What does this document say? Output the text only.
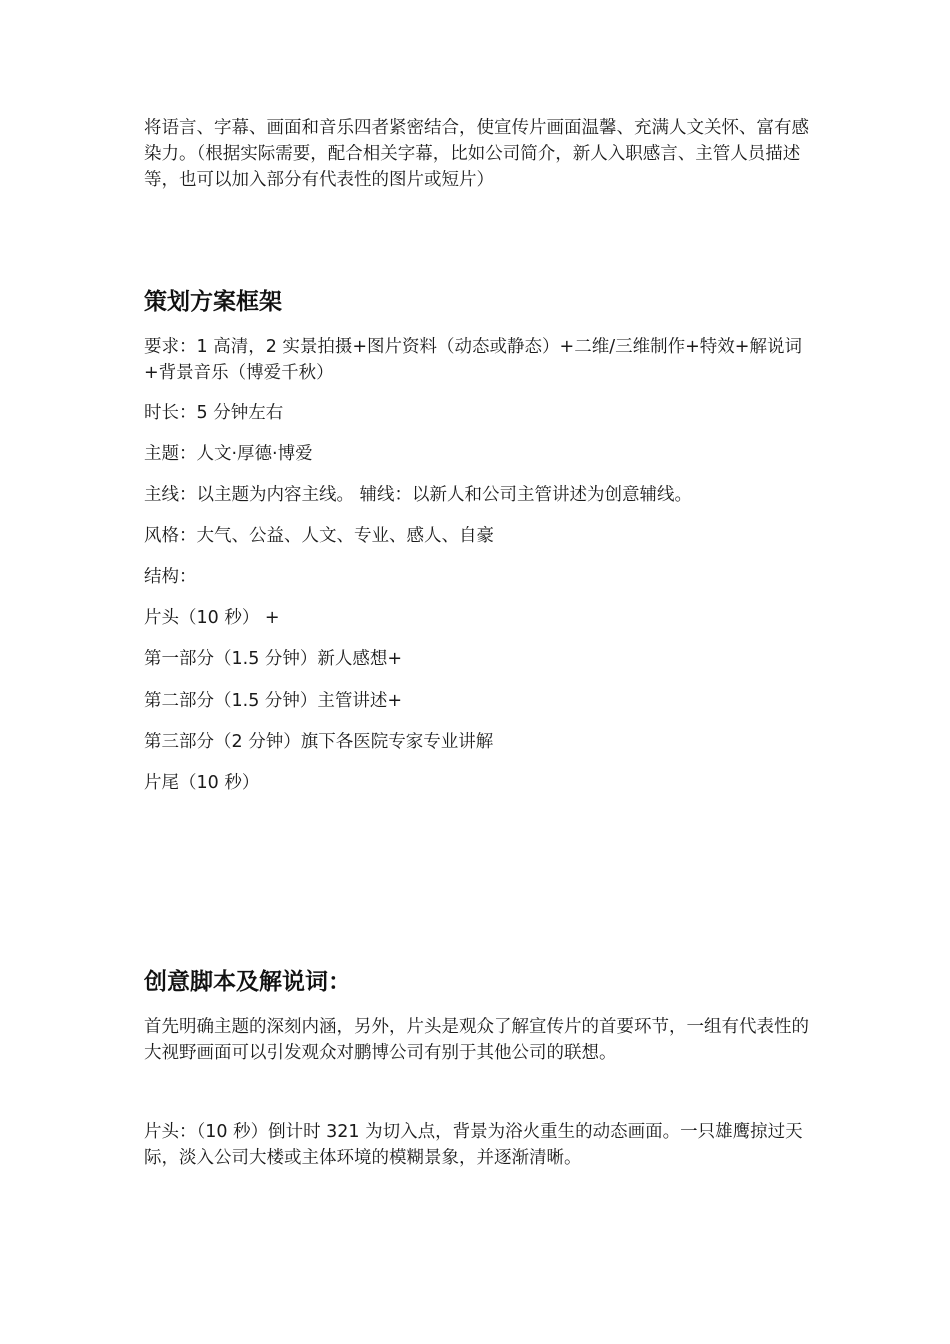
将语言、字幕、画面和音乐四者紧密结合，使宣传片画面温馨、充满人文关怀、富有感染力。（根据实际需要，配合相关字幕，比如公司简介，新人入职感言、主管人员描述等，也可以加入部分有代表性的图片或短片）

策划方案框架

要求：1 高清，2 实景拍摄+图片资料（动态或静态）+二维/三维制作+特效+解说词+背景音乐（博爱千秋）

时长：5 分钟左右

主题：人文·厚德·博爱

主线：以主题为内容主线。 辅线：以新人和公司主管讲述为创意辅线。

风格：大气、公益、人文、专业、感人、自豪

结构：

片头（10 秒） +

第一部分（1.5 分钟）新人感想+

第二部分（1.5 分钟）主管讲述+

第三部分（2 分钟）旗下各医院专家专业讲解

片尾（10 秒）

创意脚本及解说词：

首先明确主题的深刻内涵，另外，片头是观众了解宣传片的首要环节，一组有代表性的大视野画面可以引发观众对鹏博公司有别于其他公司的联想。

片头：（10 秒）倒计时 321 为切入点，背景为浴火重生的动态画面。一只雄鹰掠过天际，淡入公司大楼或主体环境的模糊景象，并逐渐清晰。
